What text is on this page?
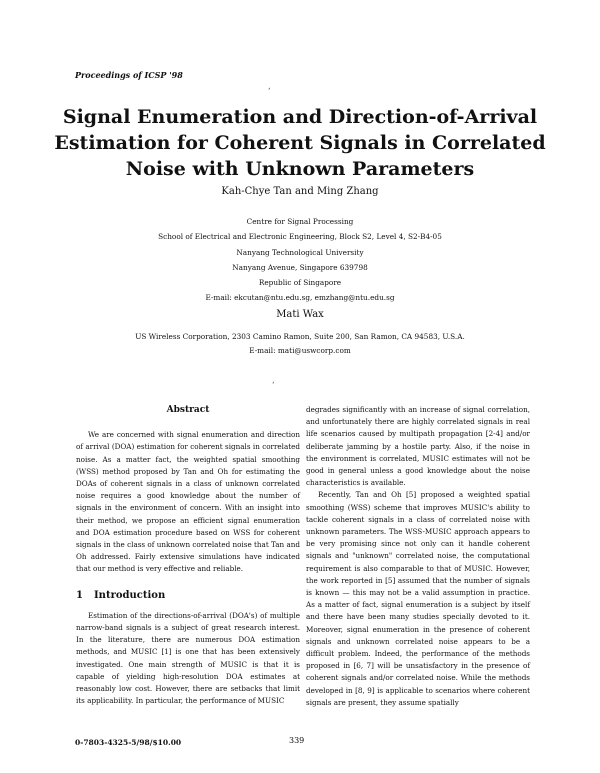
Proceedings of ICSP '98
‘
Signal Enumeration and Direction-of-Arrival
Estimation for Coherent Signals in Correlated
Noise with Unknown Parameters
Kah-Chye Tan and Ming Zhang
Centre for Signal Processing
School of Electrical and Electronic Engineering, Block S2, Level 4, S2-B4-05
Nanyang Technological University
Nanyang Avenue, Singapore 639798
Republic of Singapore
E-mail: ekcutan@ntu.edu.sg, emzhang@ntu.edu.sg
Mati Wax
US Wireless Corporation, 2303 Camino Ramon, Suite 200, San Ramon, CA 94583, U.S.A.
E-mail: mati@uswcorp.com
‘
Abstract

We are concerned with signal enumeration and direction of arrival (DOA) estimation for coherent signals in correlated noise. As a matter fact, the weighted spatial smoothing (WSS) method proposed by Tan and Oh for estimating the DOAs of coherent signals in a class of unknown correlated noise requires a good knowledge about the number of signals in the environment of concern. With an insight into their method, we propose an efficient signal enumeration and DOA estimation procedure based on WSS for coherent signals in the class of unknown correlated noise that Tan and Oh addressed. Fairly extensive simulations have indicated that our method is very effective and reliable.

1 Introduction

Estimation of the directions-of-arrival (DOA's) of multiple narrow-band signals is a subject of great research interest. In the literature, there are numerous DOA estimation methods, and MUSIC [1] is one that has been extensively investigated. One main strength of MUSIC is that it is capable of yielding high-resolution DOA estimates at reasonably low cost. However, there are setbacks that limit its applicability. In particular, the performance of MUSIC

degrades significantly with an increase of signal correlation, and unfortunately there are highly correlated signals in real life scenarios caused by multipath propagation [2-4] and/or deliberate jamming by a hostile party. Also, if the noise in the environment is correlated, MUSIC estimates will not be good in general unless a good knowledge about the noise characteristics is available.

Recently, Tan and Oh [5] proposed a weighted spatial smoothing (WSS) scheme that improves MUSIC's ability to tackle coherent signals in a class of correlated noise with unknown parameters. The WSS-MUSIC approach appears to be very promising since not only can it handle coherent signals and "unknown" correlated noise, the computational requirement is also comparable to that of MUSIC. However, the work reported in [5] assumed that the number of signals is known — this may not be a valid assumption in practice. As a matter of fact, signal enumeration is a subject by itself and there have been many studies specially devoted to it. Moreover, signal enumeration in the presence of coherent signals and unknown correlated noise appears to be a difficult problem. Indeed, the performance of the methods proposed in [6, 7] will be unsatisfactory in the presence of coherent signals and/or correlated noise. While the methods developed in [8, 9] is applicable to scenarios where coherent signals are present, they assume spatially

0-7803-4325-5/98/$10.00	339
